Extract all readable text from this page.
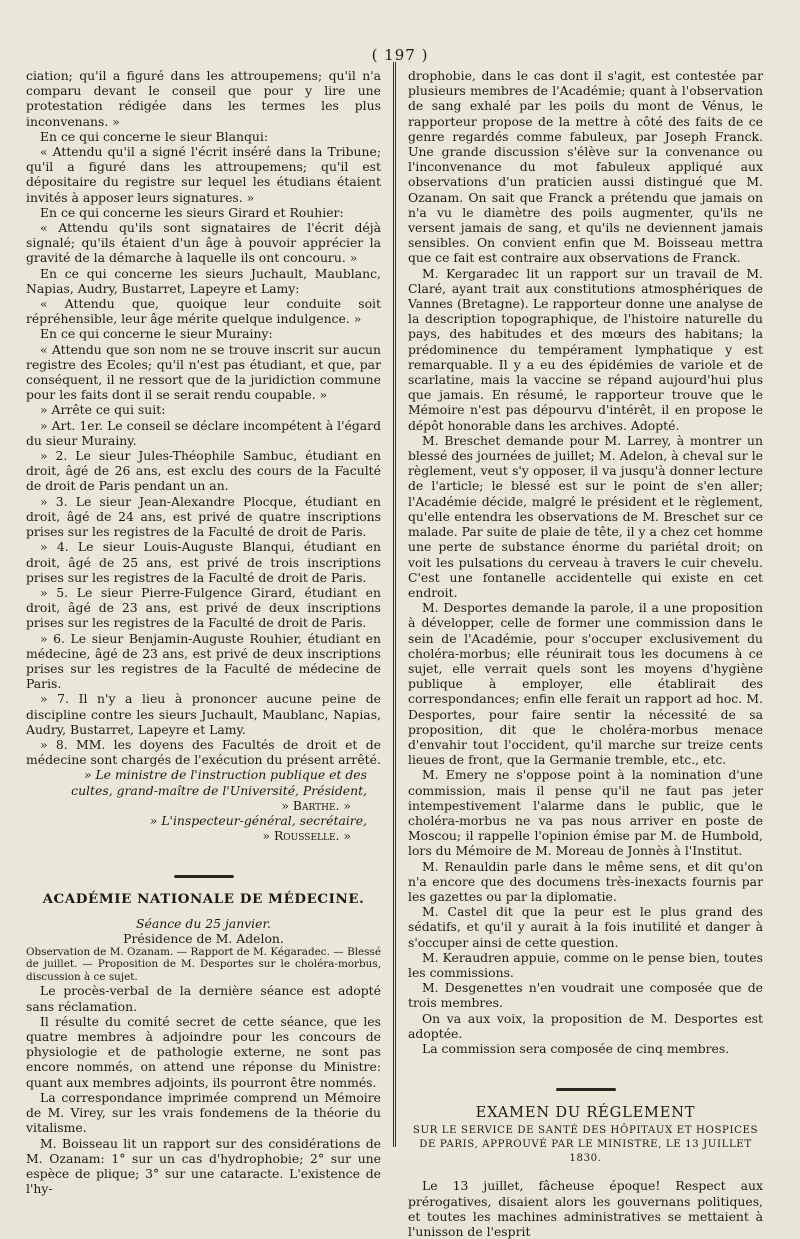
( 197 )

ciation; qu'il a figuré dans les attroupemens; qu'il n'a comparu devant le conseil que pour y lire une protestation rédigée dans les termes les plus inconvenans. »

En ce qui concerne le sieur Blanqui:

« Attendu qu'il a signé l'écrit inséré dans la Tribune; qu'il a figuré dans les attroupemens; qu'il est dépositaire du registre sur lequel les étudians étaient invités à apposer leurs signatures. »

En ce qui concerne les sieurs Girard et Rouhier:

« Attendu qu'ils sont signataires de l'écrit déjà signalé; qu'ils étaient d'un âge à pouvoir apprécier la gravité de la démarche à laquelle ils ont concouru. »

En ce qui concerne les sieurs Juchault, Maublanc, Napias, Audry, Bustarret, Lapeyre et Lamy:

« Attendu que, quoique leur conduite soit répréhensible, leur âge mérite quelque indulgence. »

En ce qui concerne le sieur Murainy:

« Attendu que son nom ne se trouve inscrit sur aucun registre des Ecoles; qu'il n'est pas étudiant, et que, par conséquent, il ne ressort que de la juridiction commune pour les faits dont il se serait rendu coupable. »

» Arrête ce qui suit:

» Art. 1er. Le conseil se déclare incompétent à l'égard du sieur Murainy.

» 2. Le sieur Jules-Théophile Sambuc, étudiant en droit, âgé de 26 ans, est exclu des cours de la Faculté de droit de Paris pendant un an.

» 3. Le sieur Jean-Alexandre Plocque, étudiant en droit, âgé de 24 ans, est privé de quatre inscriptions prises sur les registres de la Faculté de droit de Paris.

» 4. Le sieur Louis-Auguste Blanqui, étudiant en droit, âgé de 25 ans, est privé de trois inscriptions prises sur les registres de la Faculté de droit de Paris.

» 5. Le sieur Pierre-Fulgence Girard, étudiant en droit, âgé de 23 ans, est privé de deux inscriptions prises sur les registres de la Faculté de droit de Paris.

» 6. Le sieur Benjamin-Auguste Rouhier, étudiant en médecine, âgé de 23 ans, est privé de deux inscriptions prises sur les registres de la Faculté de médecine de Paris.

» 7. Il n'y a lieu à prononcer aucune peine de discipline contre les sieurs Juchault, Maublanc, Napias, Audry, Bustarret, Lapeyre et Lamy.

» 8. MM. les doyens des Facultés de droit et de médecine sont chargés de l'exécution du présent arrêté.

» Le ministre de l'instruction publique et des cultes, grand-maître de l'Université, Président,

» Barthe. »

» L'inspecteur-général, secrétaire,

» Rousselle. »

ACADÉMIE NATIONALE DE MÉDECINE.

Séance du 25 janvier.

Présidence de M. Adelon.

Observation de M. Ozanam. — Rapport de M. Kégaradec. — Blessé de juillet. — Proposition de M. Desportes sur le choléra-morbus, discussion à ce sujet.

Le procès-verbal de la dernière séance est adopté sans réclamation.

Il résulte du comité secret de cette séance, que les quatre membres à adjoindre pour les concours de physiologie et de pathologie externe, ne sont pas encore nommés, on attend une réponse du Ministre: quant aux membres adjoints, ils pourront être nommés.

La correspondance imprimée comprend un Mémoire de M. Virey, sur les vrais fondemens de la théorie du vitalisme.

M. Boisseau lit un rapport sur des considérations de M. Ozanam: 1° sur un cas d'hydrophobie; 2° sur une espèce de plique; 3° sur une cataracte. L'existence de l'hy-

drophobie, dans le cas dont il s'agit, est contestée par plusieurs membres de l'Académie; quant à l'observation de sang exhalé par les poils du mont de Vénus, le rapporteur propose de la mettre à côté des faits de ce genre regardés comme fabuleux, par Joseph Franck. Une grande discussion s'élève sur la convenance ou l'inconvenance du mot fabuleux appliqué aux observations d'un praticien aussi distingué que M. Ozanam. On sait que Franck a prétendu que jamais on n'a vu le diamètre des poils augmenter, qu'ils ne versent jamais de sang, et qu'ils ne deviennent jamais sensibles. On convient enfin que M. Boisseau mettra que ce fait est contraire aux observations de Franck.

M. Kergaradec lit un rapport sur un travail de M. Claré, ayant trait aux constitutions atmosphériques de Vannes (Bretagne). Le rapporteur donne une analyse de la description topographique, de l'histoire naturelle du pays, des habitudes et des mœurs des habitans; la prédominence du tempérament lymphatique y est remarquable. Il y a eu des épidémies de variole et de scarlatine, mais la vaccine se répand aujourd'hui plus que jamais. En résumé, le rapporteur trouve que le Mémoire n'est pas dépourvu d'intérêt, il en propose le dépôt honorable dans les archives. Adopté.

M. Breschet demande pour M. Larrey, à montrer un blessé des journées de juillet; M. Adelon, à cheval sur le règlement, veut s'y opposer, il va jusqu'à donner lecture de l'article; le blessé est sur le point de s'en aller; l'Académie décide, malgré le président et le règlement, qu'elle entendra les observations de M. Breschet sur ce malade. Par suite de plaie de tête, il y a chez cet homme une perte de substance énorme du pariétal droit; on voit les pulsations du cerveau à travers le cuir chevelu. C'est une fontanelle accidentelle qui existe en cet endroit.

M. Desportes demande la parole, il a une proposition à développer, celle de former une commission dans le sein de l'Académie, pour s'occuper exclusivement du choléra-morbus; elle réunirait tous les documens à ce sujet, elle verrait quels sont les moyens d'hygiène publique à employer, elle établirait des correspondances; enfin elle ferait un rapport ad hoc. M. Desportes, pour faire sentir la nécessité de sa proposition, dit que le choléra-morbus menace d'envahir tout l'occident, qu'il marche sur treize cents lieues de front, que la Germanie tremble, etc., etc.

M. Emery ne s'oppose point à la nomination d'une commission, mais il pense qu'il ne faut pas jeter intempestivement l'alarme dans le public, que le choléra-morbus ne va pas nous arriver en poste de Moscou; il rappelle l'opinion émise par M. de Humbold, lors du Mémoire de M. Moreau de Jonnès à l'Institut.

M. Renauldin parle dans le même sens, et dit qu'on n'a encore que des documens très-inexacts fournis par les gazettes ou par la diplomatie.

M. Castel dit que la peur est le plus grand des sédatifs, et qu'il y aurait à la fois inutilité et danger à s'occuper ainsi de cette question.

M. Keraudren appuie, comme on le pense bien, toutes les commissions.

M. Desgenettes n'en voudrait une composée que de trois membres.

On va aux voix, la proposition de M. Desportes est adoptée.

La commission sera composée de cinq membres.

EXAMEN DU RÉGLEMENT
SUR LE SERVICE DE SANTÉ DES HÔPITAUX ET HOSPICES DE PARIS, APPROUVÉ PAR LE MINISTRE, LE 13 JUILLET 1830.

Le 13 juillet, fâcheuse époque! Respect aux prérogatives, disaient alors les gouvernans politiques, et toutes les machines administratives se mettaient à l'unisson de l'esprit
